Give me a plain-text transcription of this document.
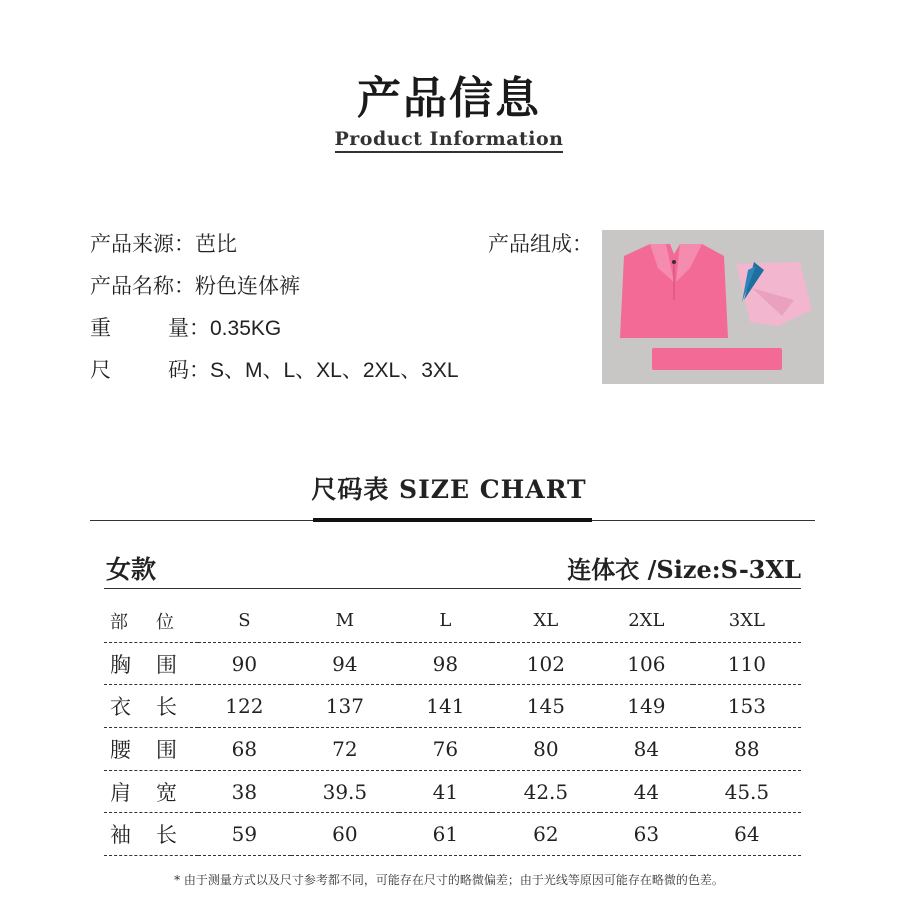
产品信息
Product Information
产品来源：芭比
产品名称：粉色连体裤
重	量： 0.35KG
尺	码： S、M、L、XL、2XL、3XL
产品组成：
尺码表 SIZE CHART
女款	连体衣 /Size:S-3XL
部 位	S	M	L	XL	2XL	3XL
胸 围	90	94	98	102	106	110
衣 长	122	137	141	145	149	153
腰 围	68	72	76	80	84	88
肩 宽	38	39.5	41	42.5	44	45.5
袖 长	59	60	61	62	63	64
* 由于测量方式以及尺寸参考都不同，可能存在尺寸的略微偏差；由于光线等原因可能存在略微的色差。
